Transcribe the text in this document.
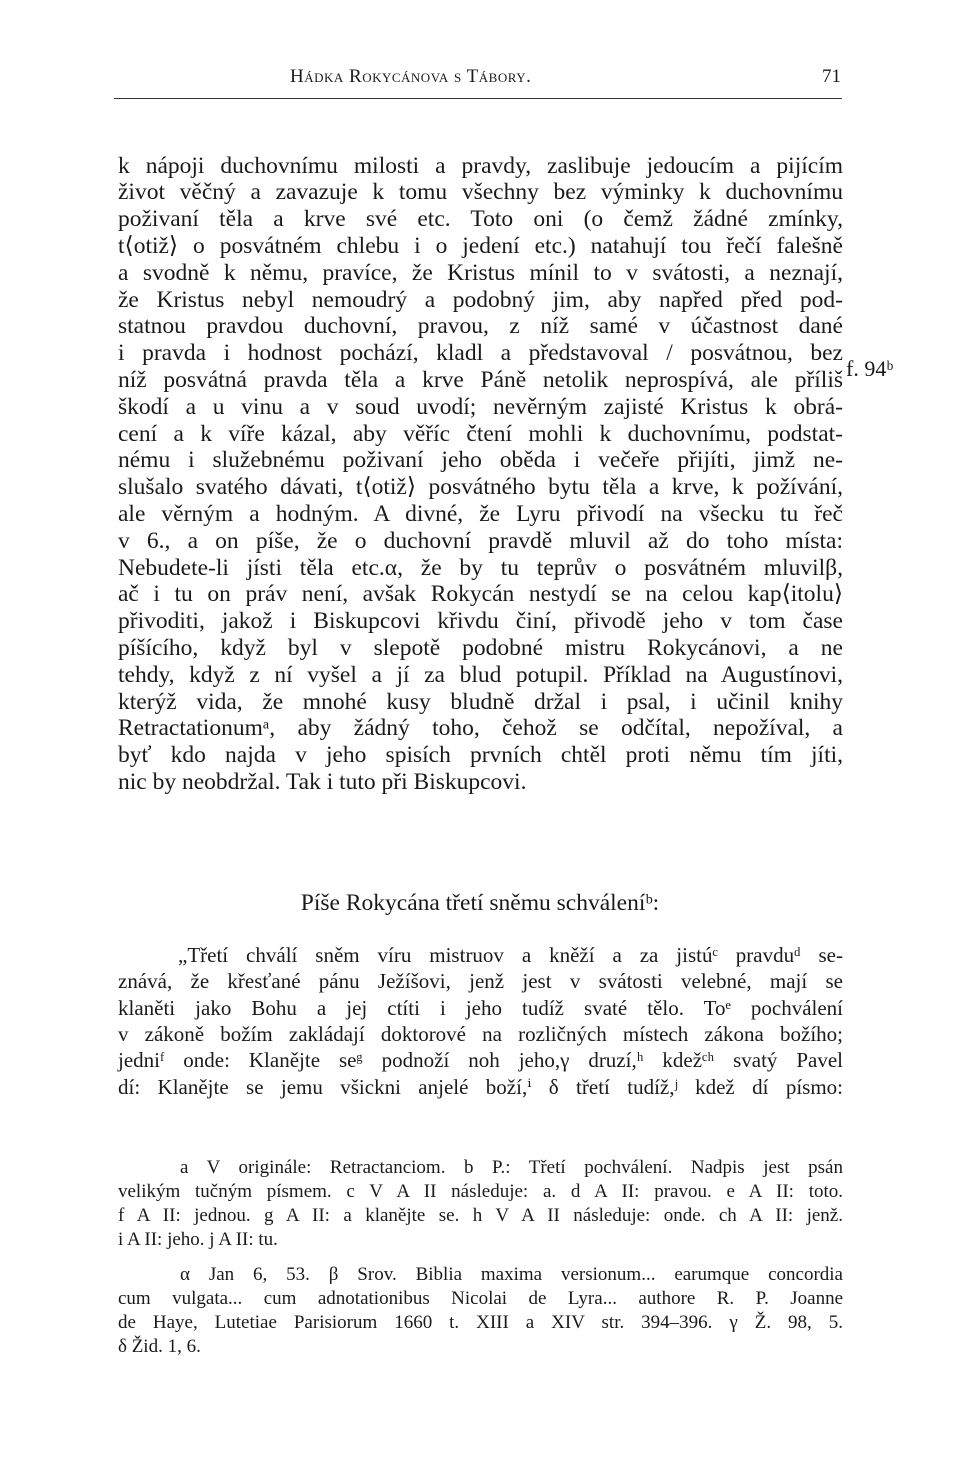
Hádka Rokycánova s Tábory.	71
f. 94ᵇ
k nápoji duchovnímu milosti a pravdy, zaslibuje jedoucím a pijícím
život věčný a zavazuje k tomu všechny bez výminky k duchovnímu
poživaní těla a krve své etc. Toto oni (o čemž žádné zmínky,
t⟨otiž⟩ o posvátném chlebu i o jedení etc.) natahují tou řečí falešně
a svodně k němu, pravíce, že Kristus mínil to v svátosti, a neznají,
že Kristus nebyl nemoudrý a podobný jim, aby napřed před pod-
statnou pravdou duchovní, pravou, z níž samé v účastnost dané
i pravda i hodnost pochází, kladl a představoval / posvátnou, bez
níž posvátná pravda těla a krve Páně netolik neprospívá, ale příliš
škodí a u vinu a v soud uvodí; nevěrným zajisté Kristus k obrá-
cení a k víře kázal, aby věříc čtení mohli k duchovnímu, podstat-
nému i služebnému poživaní jeho oběda i večeře přijíti, jimž ne-
slušalo svatého dávati, t⟨otiž⟩ posvátného bytu těla a krve, k požívání,
ale věrným a hodným. A divné, že Lyru přivodí na všecku tu řeč
v 6., a on píše, že o duchovní pravdě mluvil až do toho místa:
Nebudete-li jísti těla etc.α, že by tu teprův o posvátném mluvilβ,
ač i tu on práv není, avšak Rokycán nestydí se na celou kap⟨itolu⟩
přivoditi, jakož i Biskupcovi křivdu činí, přivodě jeho v tom čase
píšícího, když byl v slepotě podobné mistru Rokycánovi, a ne
tehdy, když z ní vyšel a jí za blud potupil. Příklad na Augustínovi,
kterýž vida, že mnohé kusy bludně držal i psal, i učinil knihy
Retractationumᵃ, aby žádný toho, čehož se odčítal, nepožíval, a
byť kdo najda v jeho spisích prvních chtěl proti němu tím jíti,
nic by neobdržal. Tak i tuto při Biskupcovi.
Píše Rokycána třetí sněmu schváleníᵇ:
„Třetí chválí sněm víru mistruov a kněží a za jistúᶜ pravduᵈ se-
znává, že křesťané pánu Ježíšovi, jenž jest v svátosti velebné, mají se
klaněti jako Bohu a jej ctíti i jeho tudíž svaté tělo. Toᵉ pochválení
v zákoně božím zakládají doktorové na rozličných místech zákona božího;
jedniᶠ onde: Klanějte seᵍ podnoží noh jeho,γ druzí,ʰ kdežᶜʰ svatý Pavel
dí: Klanějte se jemu všickni anjelé boží,ⁱ δ třetí tudíž,ʲ kdež dí písmo:
a V originále: Retractanciom. b P.: Třetí pochválení. Nadpis jest psán
velikým tučným písmem. c V A II následuje: a. d A II: pravou. e A II: toto.
f A II: jednou. g A II: a klanějte se. h V A II následuje: onde. ch A II: jenž.
i A II: jeho. j A II: tu.
α Jan 6, 53. β Srov. Biblia maxima versionum... earumque concordia
cum vulgata... cum adnotationibus Nicolai de Lyra... authore R. P. Joanne
de Haye, Lutetiae Parisiorum 1660 t. XIII a XIV str. 394–396. γ Ž. 98, 5.
δ Žid. 1, 6.
